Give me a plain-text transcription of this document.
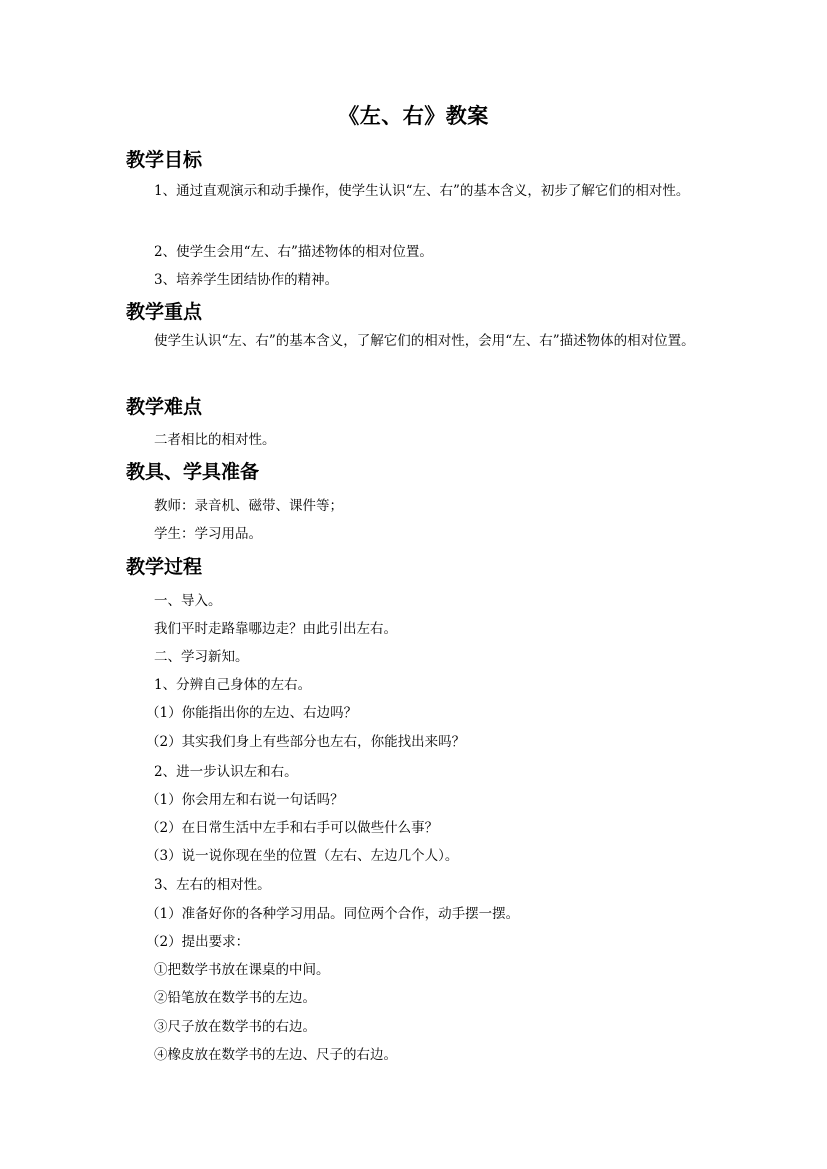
《左、右》教案
教学目标
1、通过直观演示和动手操作，使学生认识“左、右”的基本含义，初步了解它们的相对性。
2、使学生会用“左、右”描述物体的相对位置。
3、培养学生团结协作的精神。
教学重点
使学生认识“左、右”的基本含义，了解它们的相对性，会用“左、右”描述物体的相对位置。
教学难点
二者相比的相对性。
教具、学具准备
教师：录音机、磁带、课件等；
学生：学习用品。
教学过程
一、导入。
我们平时走路靠哪边走？由此引出左右。
二、学习新知。
1、分辨自己身体的左右。
（1）你能指出你的左边、右边吗？
（2）其实我们身上有些部分也左右，你能找出来吗？
2、进一步认识左和右。
（1）你会用左和右说一句话吗？
（2）在日常生活中左手和右手可以做些什么事？
（3）说一说你现在坐的位置（左右、左边几个人）。
3、左右的相对性。
（1）准备好你的各种学习用品。同位两个合作，动手摆一摆。
（2）提出要求：
①把数学书放在课桌的中间。
②铅笔放在数学书的左边。
③尺子放在数学书的右边。
④橡皮放在数学书的左边、尺子的右边。
